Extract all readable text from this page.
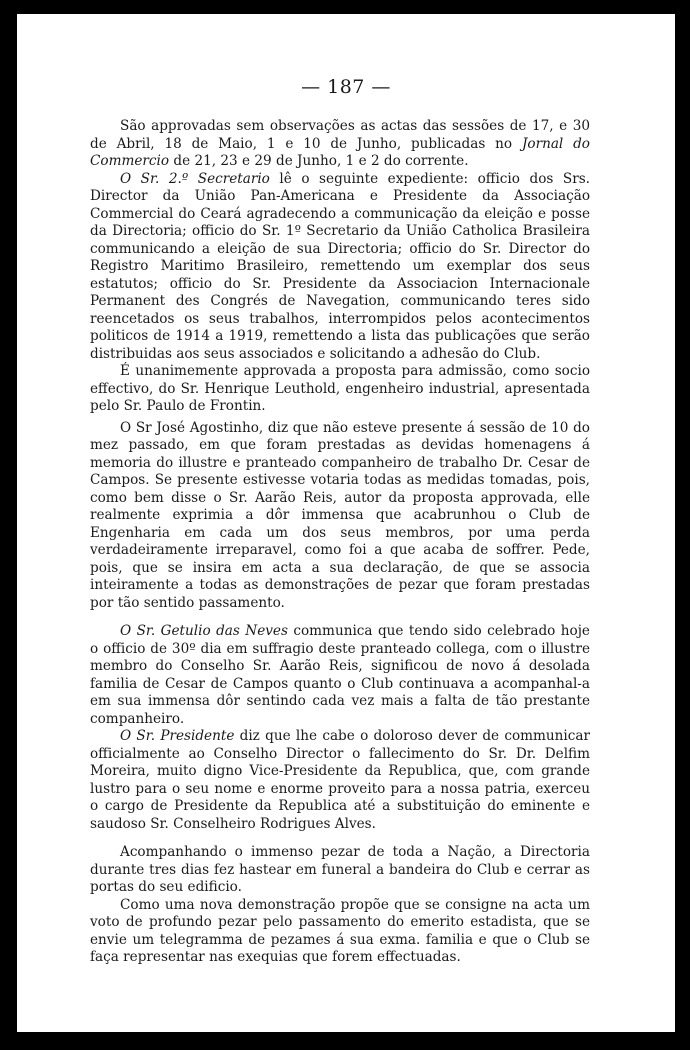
— 187 —

São approvadas sem observações as actas das sessões de 17, e 30 de Abril, 18 de Maio, 1 e 10 de Junho, publicadas no Jornal do Commercio de 21, 23 e 29 de Junho, 1 e 2 do corrente.

O Sr. 2.º Secretario lê o seguinte expediente: officio dos Srs. Director da União Pan-Americana e Presidente da Associação Commercial do Ceará agradecendo a communicação da eleição e posse da Directoria; officio do Sr. 1º Secretario da União Catholica Brasileira communicando a eleição de sua Directoria; officio do Sr. Director do Registro Maritimo Brasileiro, remettendo um exemplar dos seus estatutos; officio do Sr. Presidente da Associacion Internacionale Permanent des Congrés de Navegation, communicando teres sido reencetados os seus trabalhos, interrompidos pelos acontecimentos politicos de 1914 a 1919, remettendo a lista das publicações que serão distribuidas aos seus associados e solicitando a adhesão do Club.

É unanimemente approvada a proposta para admissão, como socio effectivo, do Sr. Henrique Leuthold, engenheiro industrial, apresentada pelo Sr. Paulo de Frontin.

O Sr José Agostinho, diz que não esteve presente á sessão de 10 do mez passado, em que foram prestadas as devidas homenagens á memoria do illustre e pranteado companheiro de trabalho Dr. Cesar de Campos. Se presente estivesse votaria todas as medidas tomadas, pois, como bem disse o Sr. Aarão Reis, autor da proposta approvada, elle realmente exprimia a dôr immensa que acabrunhou o Club de Engenharia em cada um dos seus membros, por uma perda verdadeiramente irreparavel, como foi a que acaba de soffrer. Pede, pois, que se insira em acta a sua declaração, de que se associa inteiramente a todas as demonstrações de pezar que foram prestadas por tão sentido passamento.

O Sr. Getulio das Neves communica que tendo sido celebrado hoje o officio de 30º dia em suffragio deste pranteado collega, com o illustre membro do Conselho Sr. Aarão Reis, significou de novo á desolada familia de Cesar de Campos quanto o Club continuava a acompanhal-a em sua immensa dôr sentindo cada vez mais a falta de tão prestante companheiro.

O Sr. Presidente diz que lhe cabe o doloroso dever de communicar officialmente ao Conselho Director o fallecimento do Sr. Dr. Delfim Moreira, muito digno Vice-Presidente da Republica, que, com grande lustro para o seu nome e enorme proveito para a nossa patria, exerceu o cargo de Presidente da Republica até a substituição do eminente e saudoso Sr. Conselheiro Rodrigues Alves.

Acompanhando o immenso pezar de toda a Nação, a Directoria durante tres dias fez hastear em funeral a bandeira do Club e cerrar as portas do seu edificio.

Como uma nova demonstração propõe que se consigne na acta um voto de profundo pezar pelo passamento do emerito estadista, que se envie um telegramma de pezames á sua exma. familia e que o Club se faça representar nas exequias que forem effectuadas.
